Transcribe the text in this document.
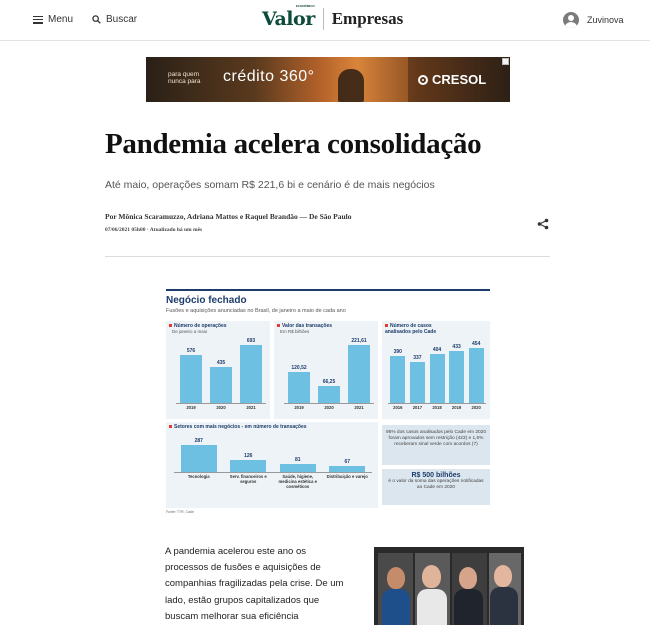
Menu	Buscar	Valor
ECONÔMICO
Empresas	Zuvinova
para quem nunca para	crédito 360°	CRESOL
Pandemia acelera consolidação

Até maio, operações somam R$ 221,6 bi e cenário é de mais negócios

Por Mônica Scaramuzzo, Adriana Mattos e Raquel Brandão — De São Paulo

07/06/2021 05h00 · Atualizado há um mês

Negócio fechado
Fusões e aquisições anunciadas no Brasil, de janeiro a maio de cada ano
Número de operações
De janeiro a maio
576
2019
435
2020
693
2021
Valor das transações
Em R$ bilhões
120,52
2019
66,25
2020
221,61
2021
Número de casos analisados pelo Cade
390
2016
337
2017
404
2018
433
2019
454
2020
Setores com mais negócios - em número de transações
287
Tecnologia
126
Serv. financeiros e seguros
81
Saúde, higiene, medicina estética e cosméticos
67
Distribuição e varejo
95% dos casos analisados pelo Cade em 2020 foram aprovados sem restrição (423) e 1,5% receberam sinal verde com acordos (7)
R$ 500 bilhões
é o valor da soma das operações notificadas ao Cade em 2020
Fonte: TTR, Cade

A pandemia acelerou este ano os processos de fusões e aquisições de companhias fragilizadas pela crise. De um lado, estão grupos capitalizados que buscam melhorar sua eficiência
